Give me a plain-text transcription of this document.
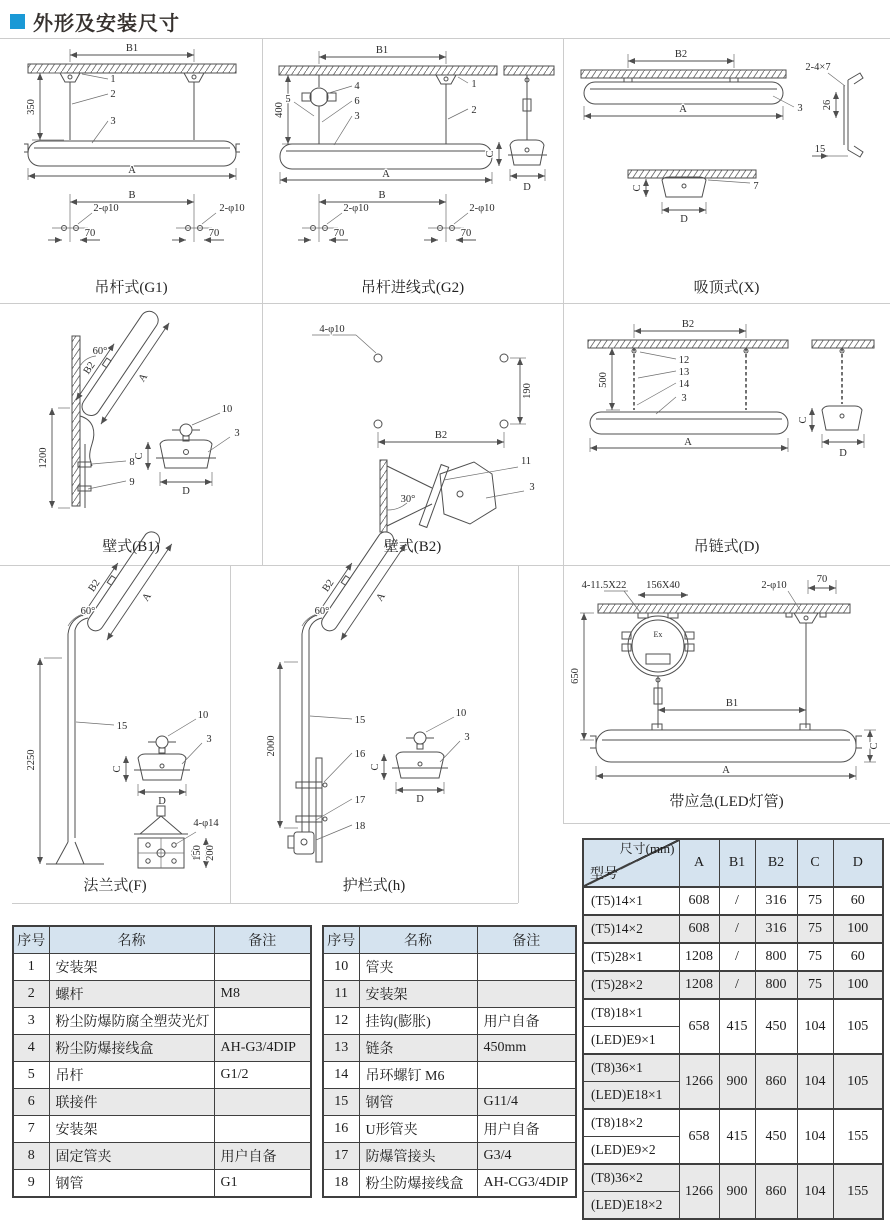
外形及安装尺寸
B1
350
1
2
3
A
B
2-φ10
70
2-φ10
70
吊杆式(G1)
B1
400
5
4
6
3
1
2
A
B
2-φ10
70
2-φ10
70
C
D
吊杆进线式(G2)
B2
3
A
2-4×7
26
15
7
C
D
吸顶式(X)
60°
B2
A
1200	8
9
10
3
C
D
壁式(B1)
4-φ10
190
B2
30°
11
3
壁式(B2)
B2
500
12
13
14
3
A
C
D
吊链式(D)
60°
B2
A
2250
15
10
3
C
D
4-φ14
150 200
法兰式(F)
60°
B2
A
2000
15
16
17
18
10
3
C
D
护栏式(h)
4-11.5X22 156X40	2-φ10
70
Ex
650
B1
A
C
带应急(LED灯管)
序号	名称	备注
1	安装架	
2	螺杆	M8
3	粉尘防爆防腐全塑荧光灯	
4	粉尘防爆接线盒	AH-G3/4DIP
5	吊杆	G1/2
6	联接件	
7	安装架	
8	固定管夹	用户自备
9	钢管	G1
序号	名称	备注
10	管夹	
11	安装架	
12	挂钩(膨胀)	用户自备
13	链条	450mm
14	吊环螺钉 M6	
15	钢管	G11/4
16	U形管夹	用户自备
17	防爆管接头	G3/4
18	粉尘防爆接线盒	AH-CG3/4DIP
尺寸(mm)
型号	A	B1	B2	C	D
(T5)14×1	608	/	316	75	60
(T5)14×2	608	/	316	75	100
(T5)28×1	1208	/	800	75	60
(T5)28×2	1208	/	800	75	100
(T8)18×1	658	415	450	104	105
(LED)E9×1					
(T8)36×1	1266	900	860	104	105
(LED)E18×1					
(T8)18×2	658	415	450	104	155
(LED)E9×2					
(T8)36×2	1266	900	860	104	155
(LED)E18×2					
